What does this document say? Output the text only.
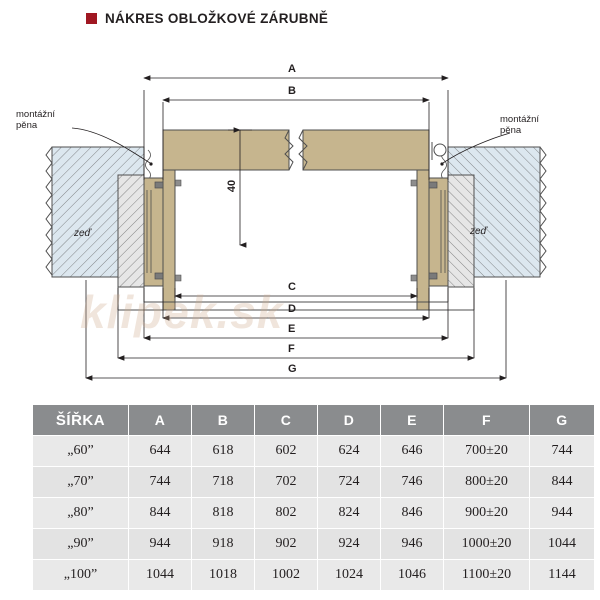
NÁKRES OBLOŽKOVÉ ZÁRUBNĚ
klipek.sk
montážní
pěna
montážní
pěna
zeď	zeď
A
B
C
D
E
F
G
40
ŠÍŘKA	A	B	C	D	E	F	G
„60”	644	618	602	624	646	700±20	744
„70”	744	718	702	724	746	800±20	844
„80”	844	818	802	824	846	900±20	944
„90”	944	918	902	924	946	1000±20	1044
„100”	1044	1018	1002	1024	1046	1100±20	1144
